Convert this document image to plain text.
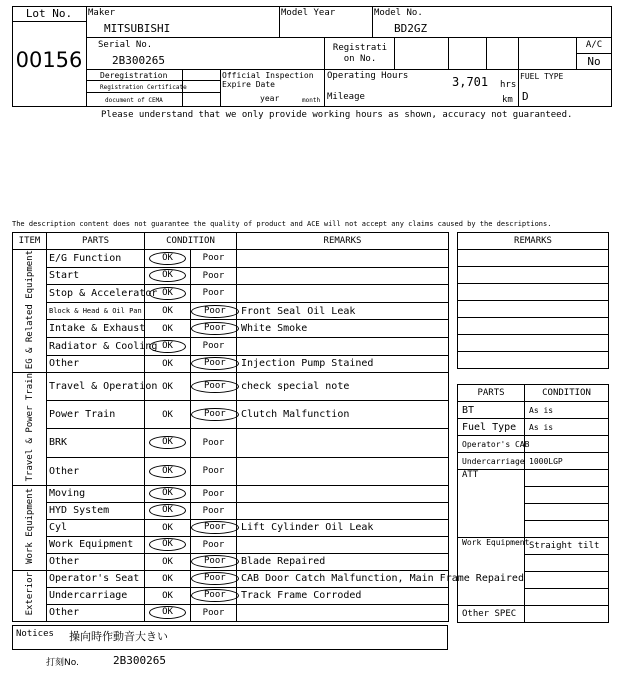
Lot No.
00156
Maker
MITSUBISHI
Model Year	Model No.
BD2GZ
Serial No.
2B300265
Registrati on No.
A/C
No
Deregistration
Registration Certificate
document of CEMA
Official Inspection Expire Date
year	month
Operating Hours	3,701 hrs
Mileage	km
FUEL TYPE
D
Please understand that we only provide working hours as shown, accuracy not guaranteed.
The description content does not guarantee the quality of product and ACE will not accept any claims caused by the descriptions.
ITEM	PARTS	CONDITION		REMARKS
EG & Related Equipment	E/G Function	OK	Poor	
	Start	OK	Poor	
	Stop & Accelerator	OK	Poor	
	Block & Head & Oil Pan	OK	Poor	Front Seal Oil Leak
	Intake & Exhaust	OK	Poor	White Smoke
	Radiator & Cooling	OK	Poor	
	Other	OK	Poor	Injection Pump Stained
Travel & Power Train	Travel & Operation	OK	Poor	check special note
	Power Train	OK	Poor	Clutch Malfunction
	BRK	OK	Poor	
	Other	OK	Poor	
Work Equipment	Moving	OK	Poor	
	HYD System	OK	Poor	
	Cyl	OK	Poor	Lift Cylinder Oil Leak
	Work Equipment	OK	Poor	
	Other	OK	Poor	Blade Repaired
Exterior	Operator's Seat	OK	Poor	CAB Door Catch Malfunction, Main Frame Repaired
	Undercarriage	OK	Poor	Track Frame Corroded
	Other	OK	Poor	
REMARKS

PARTS	CONDITION
BT	As is
Fuel Type	As is
Operator's CAB	
Undercarriage	1000LGP
ATT	

Work Equipment	Straight tilt

Other SPEC	
Notices 操向時作動音大きい
打刻No.	2B300265
